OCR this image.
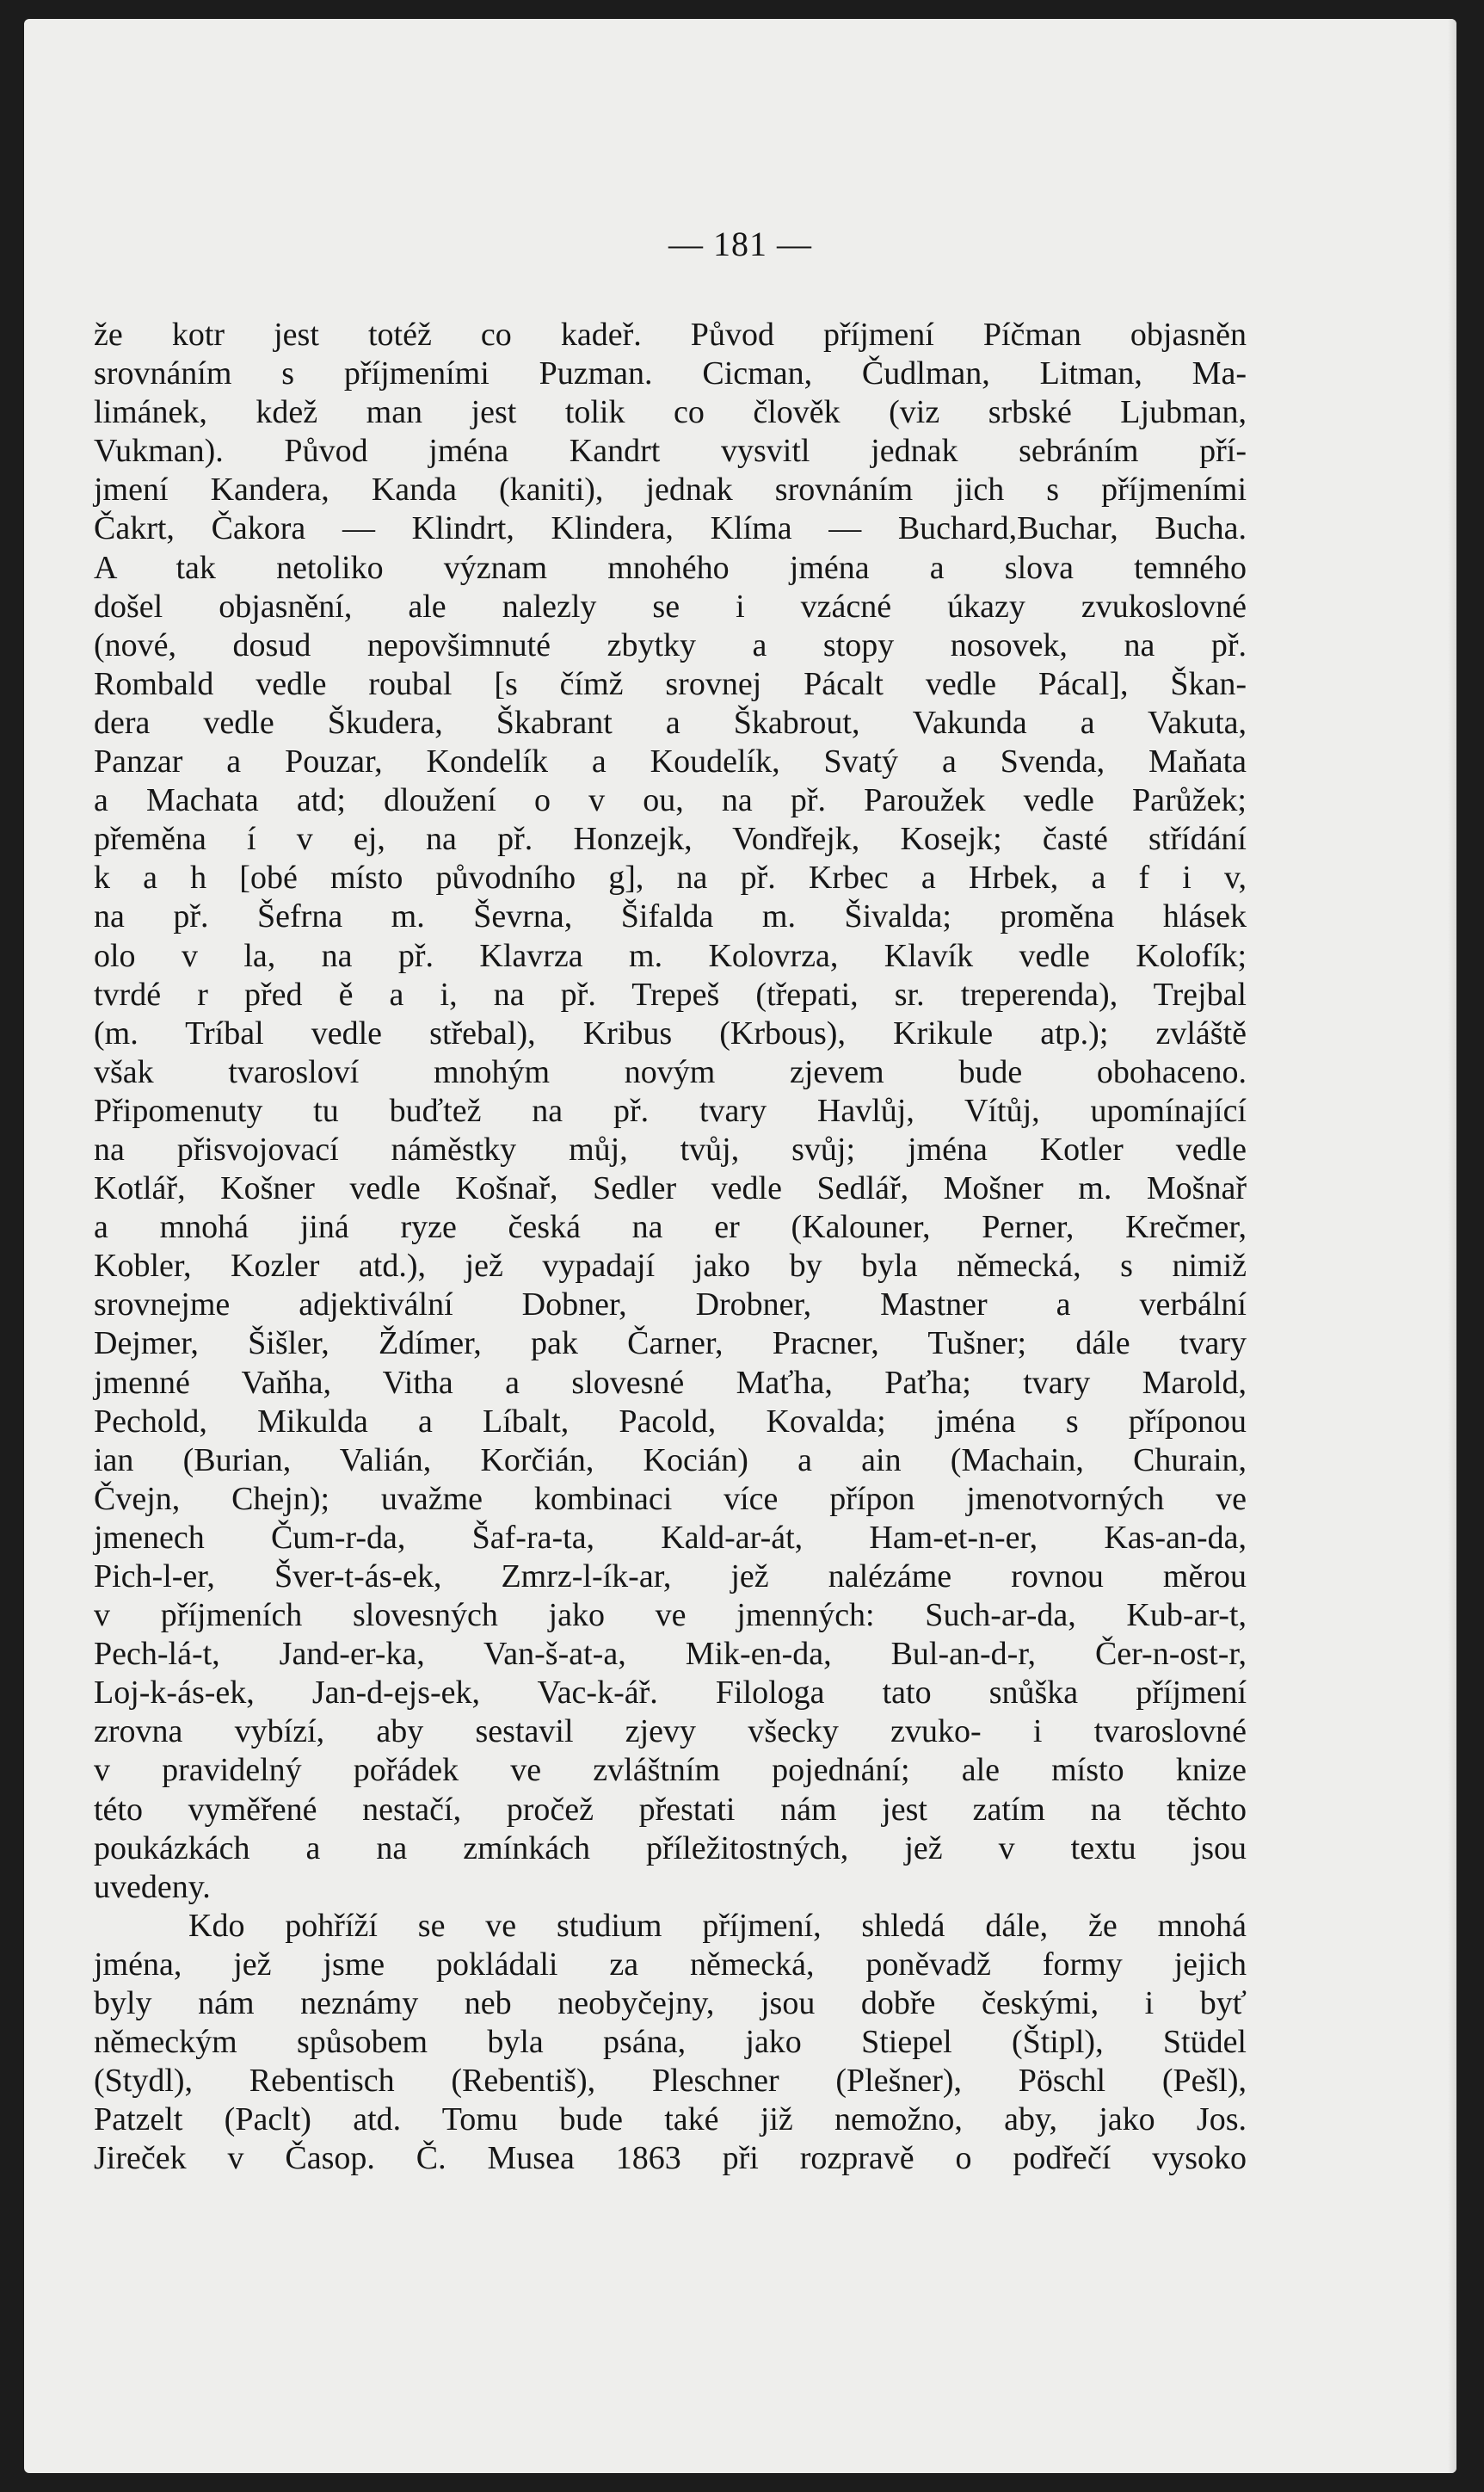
— 181 —
že kotr jest totéž co kadeř. Původ příjmení Píčman objasněn
srovnáním s příjmeními Puzman. Cicman, Čudlman, Litman, Ma-
limánek, kdež man jest tolik co člověk (viz srbské Ljubman,
Vukman). Původ jména Kandrt vysvitl jednak sebráním pří-
jmení Kandera, Kanda (kaniti), jednak srovnáním jich s příjmeními
Čakrt, Čakora — Klindrt, Klindera, Klíma — Buchard,Buchar, Bucha.
A tak netoliko význam mnohého jména a slova temného
došel objasnění, ale nalezly se i vzácné úkazy zvukoslovné
(nové, dosud nepovšimnuté zbytky a stopy nosovek, na př.
Rombald vedle roubal [s čímž srovnej Pácalt vedle Pácal], Škan-
dera vedle Škudera, Škabrant a Škabrout, Vakunda a Vakuta,
Panzar a Pouzar, Kondelík a Koudelík, Svatý a Svenda, Maňata
a Machata atd; dloužení o v ou, na př. Paroužek vedle Parůžek;
přeměna í v ej, na př. Honzejk, Vondřejk, Kosejk; časté střídání
k a h [obé místo původního g], na př. Krbec a Hrbek, a f i v,
na př. Šefrna m. Ševrna, Šifalda m. Šivalda; proměna hlásek
olo v la, na př. Klavrza m. Kolovrza, Klavík vedle Kolofík;
tvrdé r před ě a i, na př. Trepeš (třepati, sr. treperenda), Trejbal
(m. Tríbal vedle střebal), Kribus (Krbous), Krikule atp.); zvláště
však tvarosloví mnohým novým zjevem bude obohaceno.
Připomenuty tu buďtež na př. tvary Havlůj, Vítůj, upomínající
na přisvojovací náměstky můj, tvůj, svůj; jména Kotler vedle
Kotlář, Košner vedle Košnař, Sedler vedle Sedlář, Mošner m. Mošnař
a mnohá jiná ryze česká na er (Kalouner, Perner, Krečmer,
Kobler, Kozler atd.), jež vypadají jako by byla německá, s nimiž
srovnejme adjektivální Dobner, Drobner, Mastner a verbální
Dejmer, Šišler, Ždímer, pak Čarner, Pracner, Tušner; dále tvary
jmenné Vaňha, Vitha a slovesné Maťha, Paťha; tvary Marold,
Pechold, Mikulda a Líbalt, Pacold, Kovalda; jména s příponou
ian (Burian, Valián, Korčián, Kocián) a ain (Machain, Churain,
Čvejn, Chejn); uvažme kombinaci více přípon jmenotvorných ve
jmenech Čum-r-da, Šaf-ra-ta, Kald-ar-át, Ham-et-n-er, Kas-an-da,
Pich-l-er, Šver-t-ás-ek, Zmrz-l-ík-ar, jež nalézáme rovnou měrou
v příjmeních slovesných jako ve jmenných: Such-ar-da, Kub-ar-t,
Pech-lá-t, Jand-er-ka, Van-š-at-a, Mik-en-da, Bul-an-d-r, Čer-n-ost-r,
Loj-k-ás-ek, Jan-d-ejs-ek, Vac-k-ář. Filologa tato snůška příjmení
zrovna vybízí, aby sestavil zjevy všecky zvuko- i tvaroslovné
v pravidelný pořádek ve zvláštním pojednání; ale místo knize
této vyměřené nestačí, pročež přestati nám jest zatím na těchto
poukázkách a na zmínkách příležitostných, jež v textu jsou
uvedeny.
Kdo pohříží se ve studium příjmení, shledá dále, že mnohá
jména, jež jsme pokládali za německá, poněvadž formy jejich
byly nám neznámy neb neobyčejny, jsou dobře českými, i byť
německým spůsobem byla psána, jako Stiepel (Štipl), Stüdel
(Stydl), Rebentisch (Rebentiš), Pleschner (Plešner), Pöschl (Pešl),
Patzelt (Paclt) atd. Tomu bude také již nemožno, aby, jako Jos.
Jireček v Časop. Č. Musea 1863 při rozpravě o podřečí vysoko
